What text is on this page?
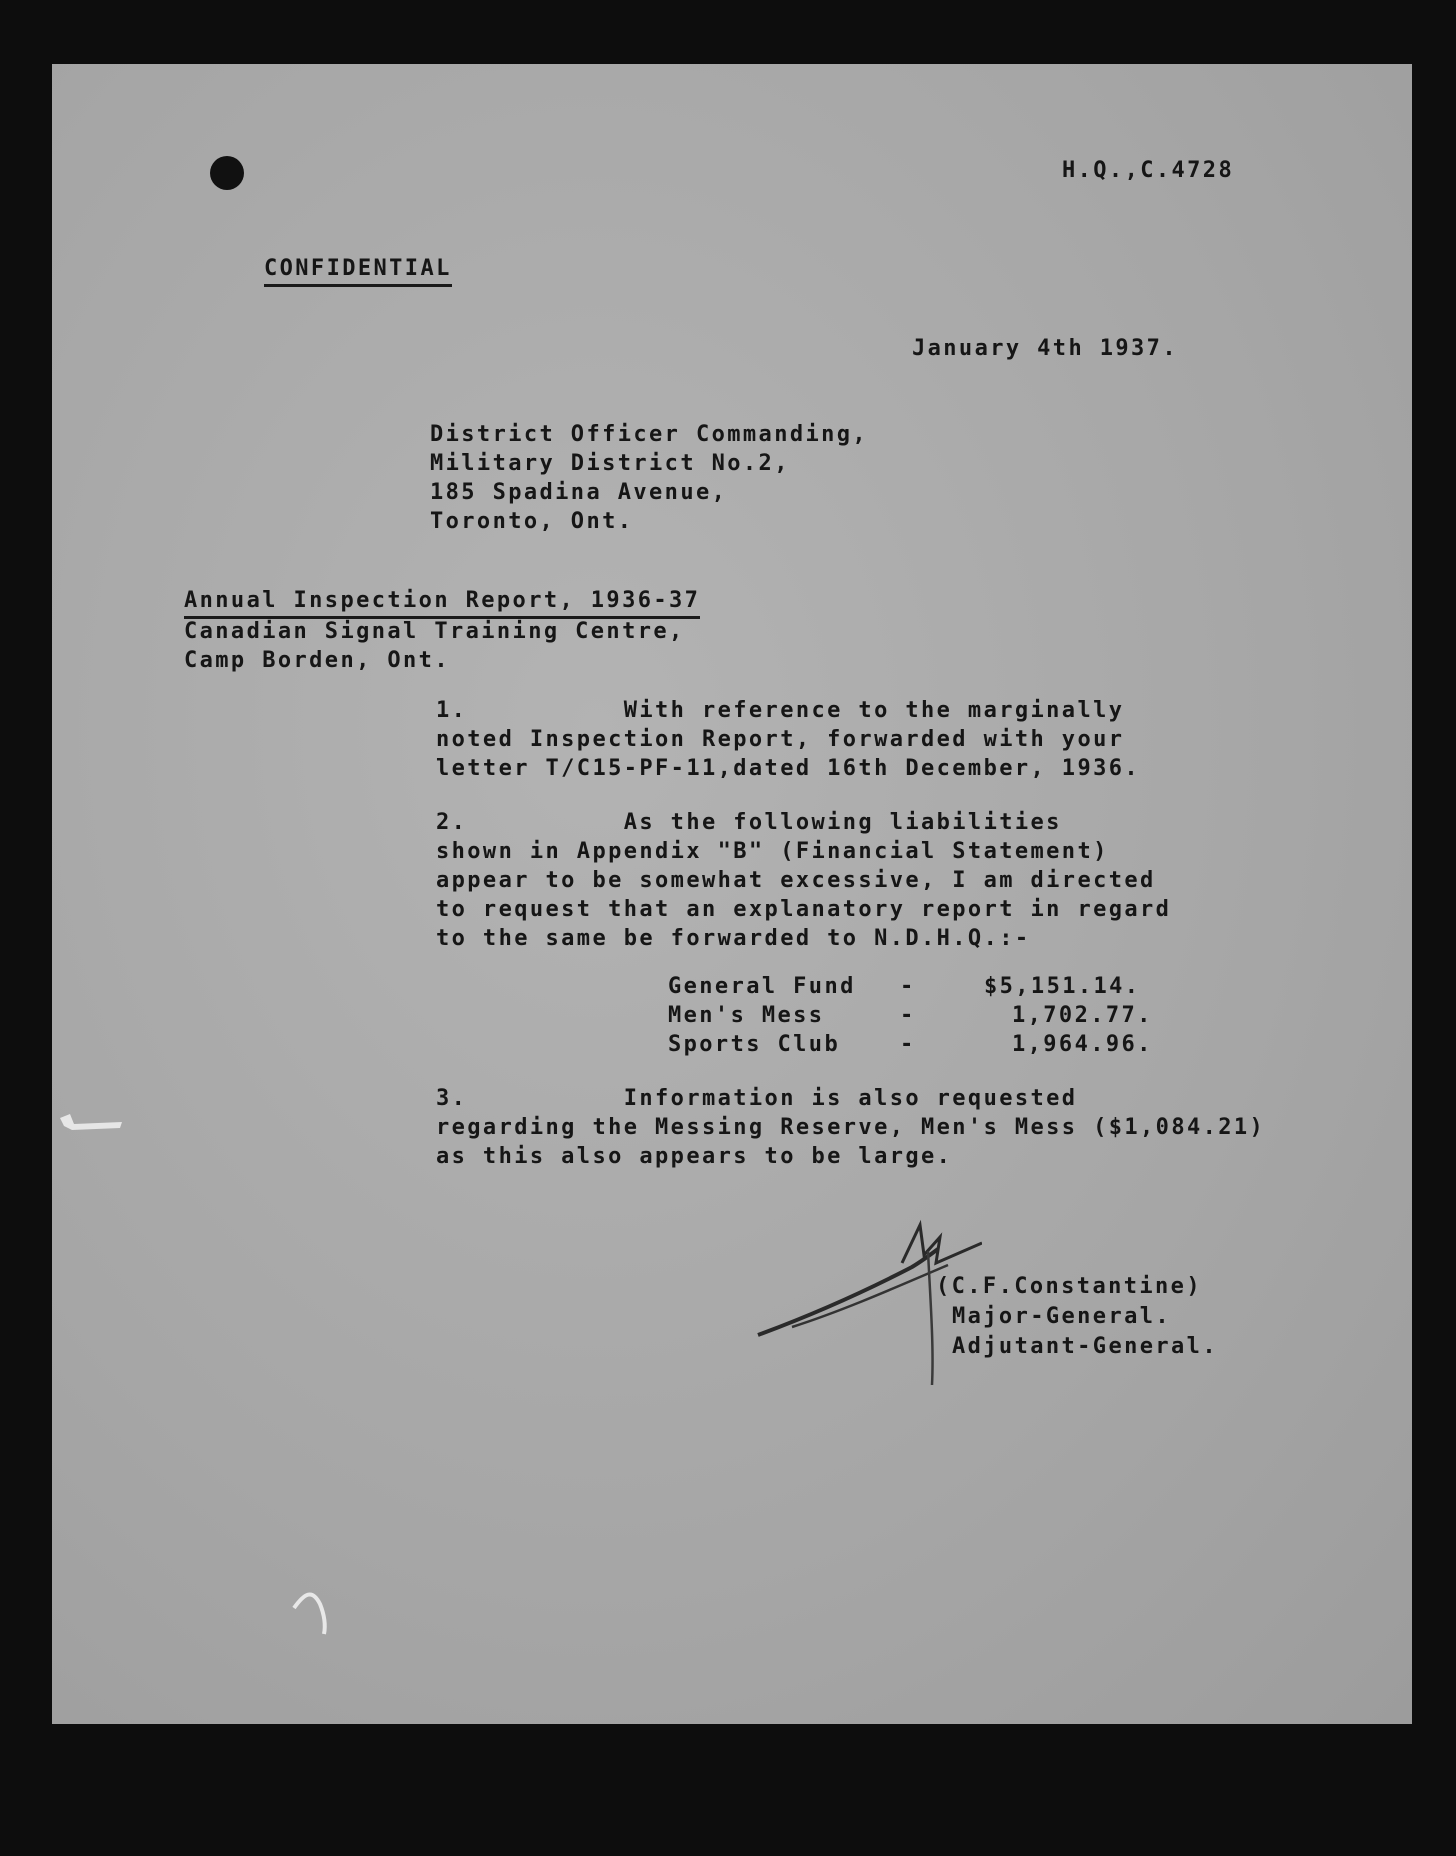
H.Q.,C.4728

CONFIDENTIAL

January 4th 1937.

District Officer Commanding,

Military District No.2,

185 Spadina Avenue,

Toronto, Ont.

Annual Inspection Report, 1936-37

Canadian Signal Training Centre,

Camp Borden, Ont.

1.          With reference to the marginally

noted Inspection Report, forwarded with your

letter T/C15-PF-11,dated 16th December, 1936.

2.          As the following liabilities

shown in Appendix "B" (Financial Statement)

appear to be somewhat excessive, I am directed

to request that an explanatory report in regard

to the same be forwarded to N.D.H.Q.:-

General Fund -	$5,151.14.

Men's Mess	-	1,702.77.

Sports Club	-	1,964.96.

3.          Information is also requested

regarding the Messing Reserve, Men's Mess ($1,084.21)

as this also appears to be large.

(C.F.Constantine)

Major-General.

Adjutant-General.
